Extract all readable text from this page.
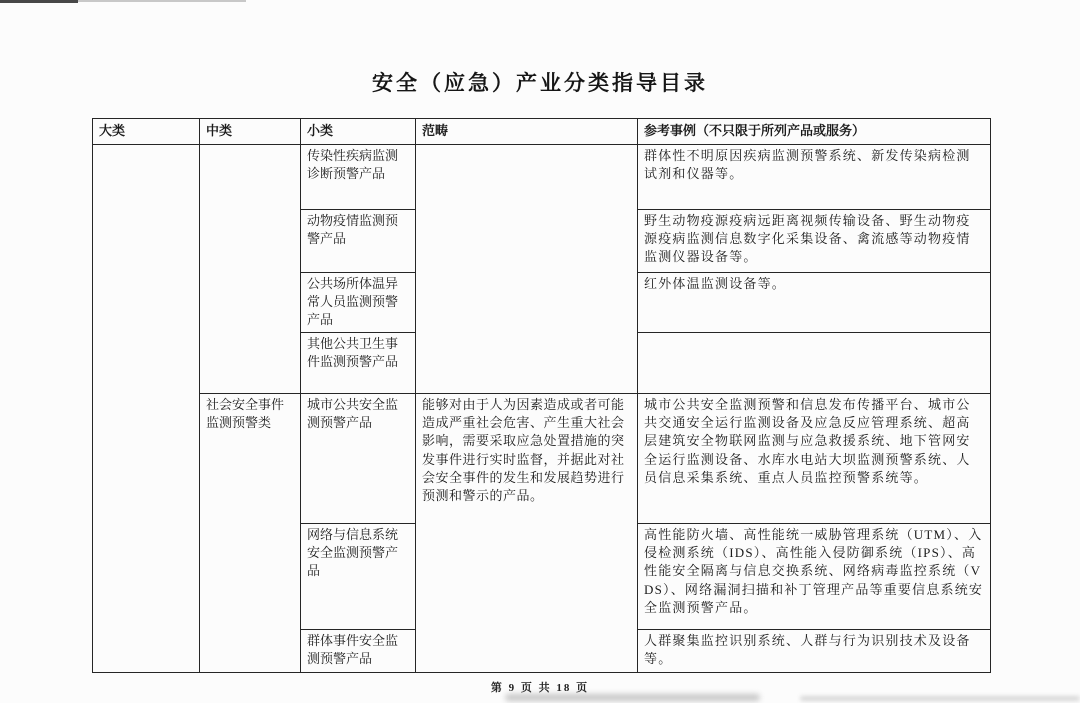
安全（应急）产业分类指导目录
大类	中类	小类	范畴	参考事例（不只限于所列产品或服务）
		传染性疾病监测诊断预警产品		群体性不明原因疾病监测预警系统、新发传染病检测试剂和仪器等。
		动物疫情监测预警产品		野生动物疫源疫病远距离视频传输设备、野生动物疫源疫病监测信息数字化采集设备、禽流感等动物疫情监测仪器设备等。
		公共场所体温异常人员监测预警产品		红外体温监测设备等。
		其他公共卫生事件监测预警产品		
	社会安全事件监测预警类	城市公共安全监测预警产品	能够对由于人为因素造成或者可能造成严重社会危害、产生重大社会影响，需要采取应急处置措施的突发事件进行实时监督，并据此对社会安全事件的发生和发展趋势进行预测和警示的产品。	城市公共安全监测预警和信息发布传播平台、城市公共交通安全运行监测设备及应急反应管理系统、超高层建筑安全物联网监测与应急救援系统、地下管网安全运行监测设备、水库水电站大坝监测预警系统、人员信息采集系统、重点人员监控预警系统等。
		网络与信息系统安全监测预警产品		高性能防火墙、高性能统一威胁管理系统（UTM）、入侵检测系统（IDS）、高性能入侵防御系统（IPS）、高性能安全隔离与信息交换系统、网络病毒监控系统（VDS）、网络漏洞扫描和补丁管理产品等重要信息系统安全监测预警产品。
		群体事件安全监测预警产品		人群聚集监控识别系统、人群与行为识别技术及设备等。
第 9 页 共 18 页
